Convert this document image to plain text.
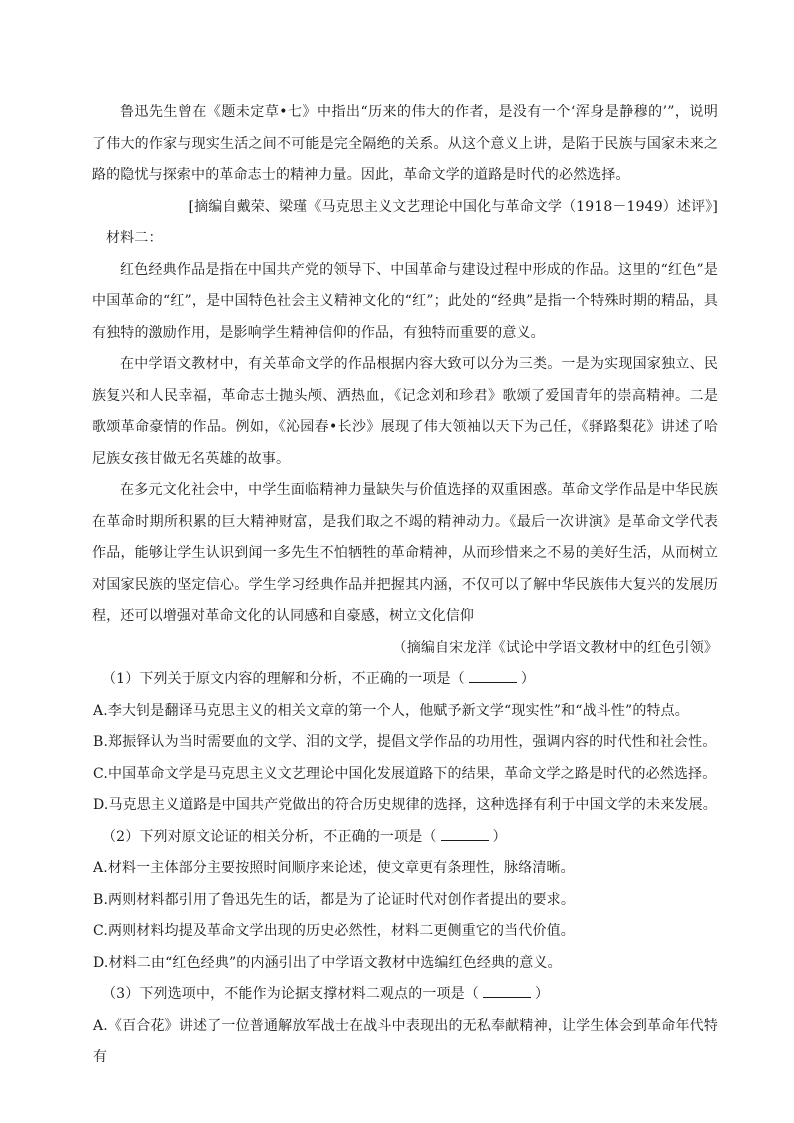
鲁迅先生曾在《题未定草•七》中指出“历来的伟大的作者，是没有一个‘浑身是静穆的’”，说明了伟大的作家与现实生活之间不可能是完全隔绝的关系。从这个意义上讲，是陷于民族与国家未来之路的隐忧与探索中的革命志士的精神力量。因此，革命文学的道路是时代的必然选择。

[摘编自戴荣、梁瑾《马克思主义文艺理论中国化与革命文学（1918－1949）述评》]

材料二：

红色经典作品是指在中国共产党的领导下、中国革命与建设过程中形成的作品。这里的“红色”是中国革命的“红”，是中国特色社会主义精神文化的“红”；此处的“经典”是指一个特殊时期的精品，具有独特的激励作用，是影响学生精神信仰的作品，有独特而重要的意义。

在中学语文教材中，有关革命文学的作品根据内容大致可以分为三类。一是为实现国家独立、民族复兴和人民幸福，革命志士抛头颅、洒热血，《记念刘和珍君》歌颂了爱国青年的崇高精神。二是歌颂革命豪情的作品。例如，《沁园春•长沙》展现了伟大领袖以天下为己任，《驿路梨花》讲述了哈尼族女孩甘做无名英雄的故事。

在多元文化社会中，中学生面临精神力量缺失与价值选择的双重困惑。革命文学作品是中华民族在革命时期所积累的巨大精神财富，是我们取之不竭的精神动力。《最后一次讲演》是革命文学代表作品，能够让学生认识到闻一多先生不怕牺牲的革命精神，从而珍惜来之不易的美好生活，从而树立对国家民族的坚定信心。学生学习经典作品并把握其内涵，不仅可以了解中华民族伟大复兴的发展历程，还可以增强对革命文化的认同感和自豪感，树立文化信仰

（摘编自宋龙洋《试论中学语文教材中的红色引领》

（1）下列关于原文内容的理解和分析，不正确的一项是（	）

A.李大钊是翻译马克思主义的相关文章的第一个人，他赋予新文学“现实性”和“战斗性”的特点。

B.郑振铎认为当时需要血的文学、泪的文学，提倡文学作品的功用性，强调内容的时代性和社会性。

C.中国革命文学是马克思主义文艺理论中国化发展道路下的结果，革命文学之路是时代的必然选择。

D.马克思主义道路是中国共产党做出的符合历史规律的选择，这种选择有利于中国文学的未来发展。

（2）下列对原文论证的相关分析，不正确的一项是（	）

A.材料一主体部分主要按照时间顺序来论述，使文章更有条理性，脉络清晰。

B.两则材料都引用了鲁迅先生的话，都是为了论证时代对创作者提出的要求。

C.两则材料均提及革命文学出现的历史必然性，材料二更侧重它的当代价值。

D.材料二由“红色经典”的内涵引出了中学语文教材中选编红色经典的意义。

（3）下列选项中，不能作为论据支撑材料二观点的一项是（	）

A.《百合花》讲述了一位普通解放军战士在战斗中表现出的无私奉献精神，让学生体会到革命年代特有
